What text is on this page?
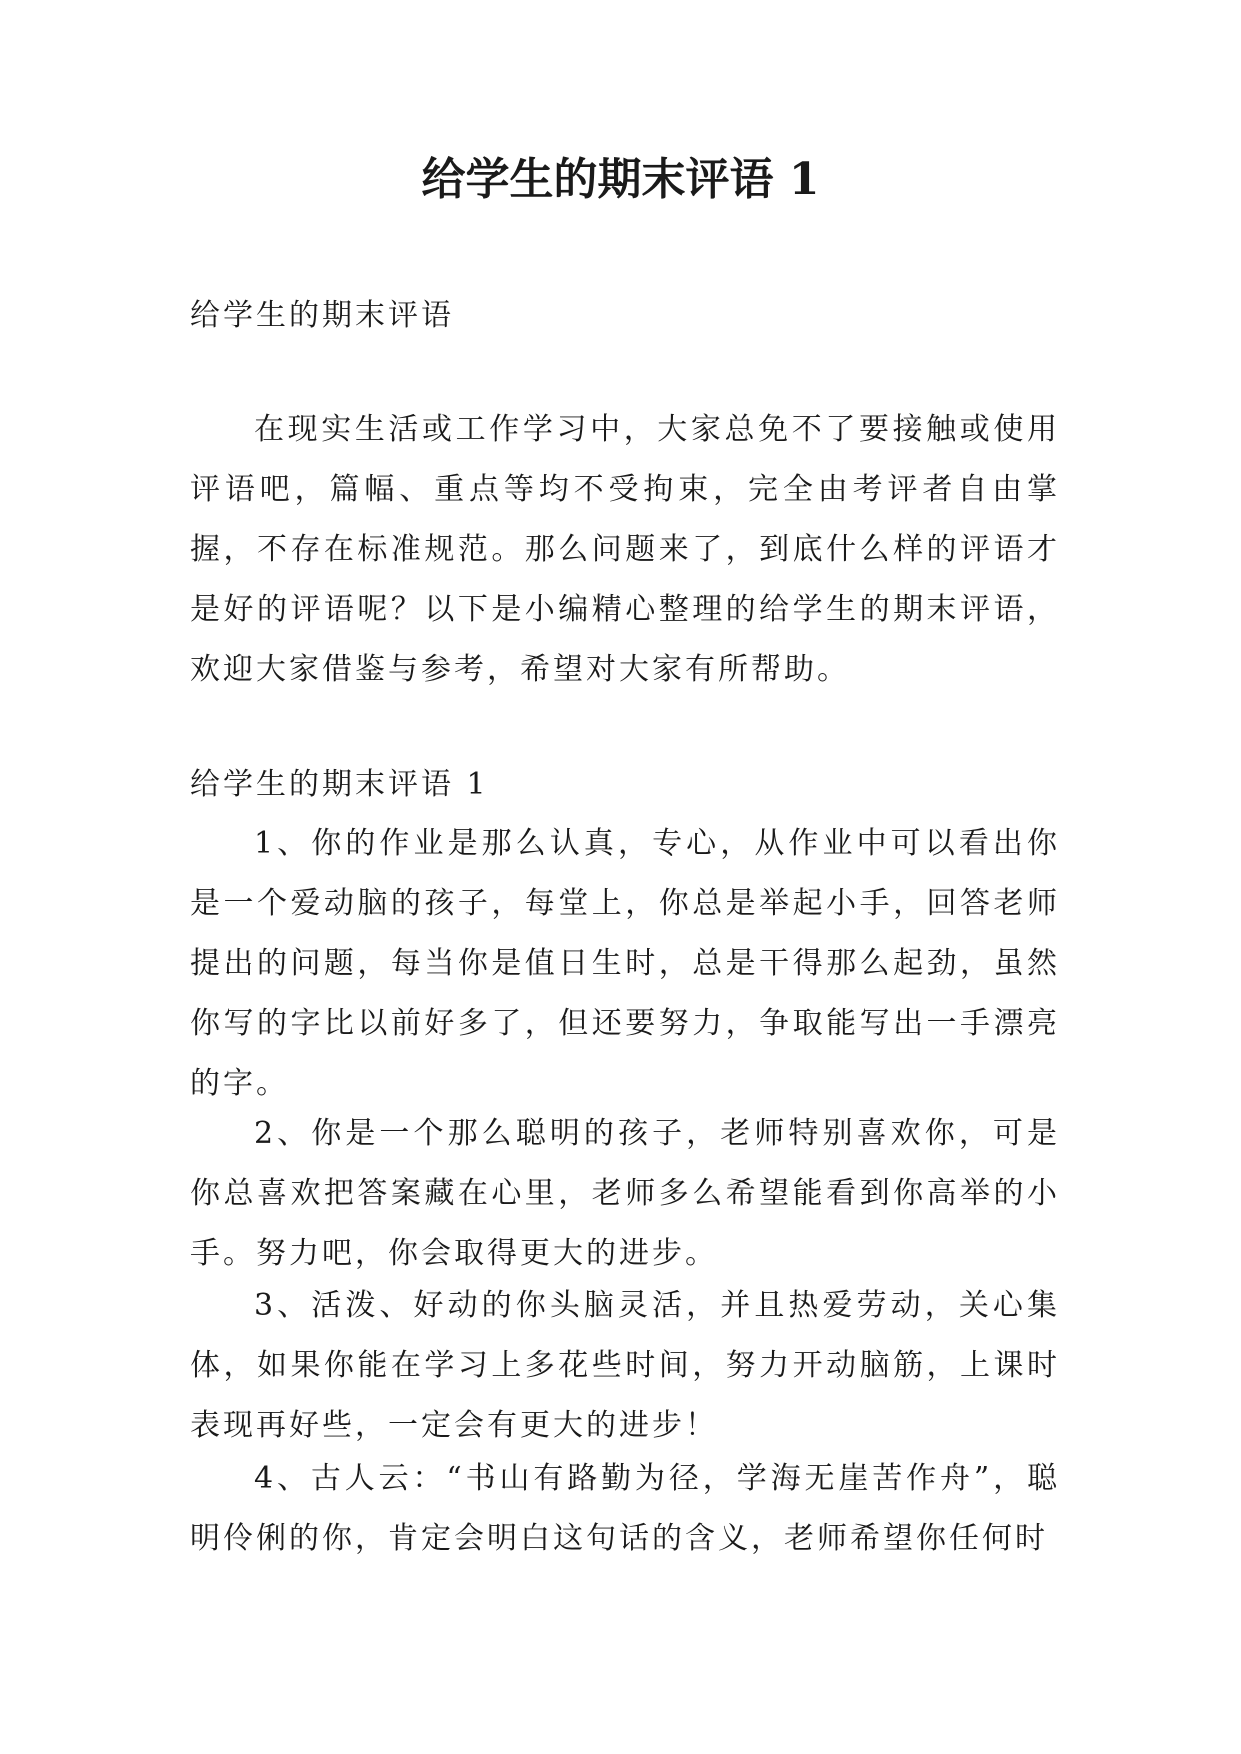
给学生的期末评语 1

给学生的期末评语

在现实生活或工作学习中，大家总免不了要接触或使用评语吧，篇幅、重点等均不受拘束，完全由考评者自由掌握，不存在标准规范。那么问题来了，到底什么样的评语才是好的评语呢？以下是小编精心整理的给学生的期末评语，欢迎大家借鉴与参考，希望对大家有所帮助。

给学生的期末评语 1

1、你的作业是那么认真，专心，从作业中可以看出你是一个爱动脑的孩子，每堂上，你总是举起小手，回答老师提出的问题，每当你是值日生时，总是干得那么起劲，虽然你写的字比以前好多了，但还要努力，争取能写出一手漂亮的字。

2、你是一个那么聪明的孩子，老师特别喜欢你，可是你总喜欢把答案藏在心里，老师多么希望能看到你高举的小手。努力吧，你会取得更大的进步。

3、活泼、好动的你头脑灵活，并且热爱劳动，关心集体，如果你能在学习上多花些时间，努力开动脑筋，上课时表现再好些，一定会有更大的进步！

4、古人云：“书山有路勤为径，学海无崖苦作舟”，聪明伶俐的你，肯定会明白这句话的含义，老师希望你任何时
